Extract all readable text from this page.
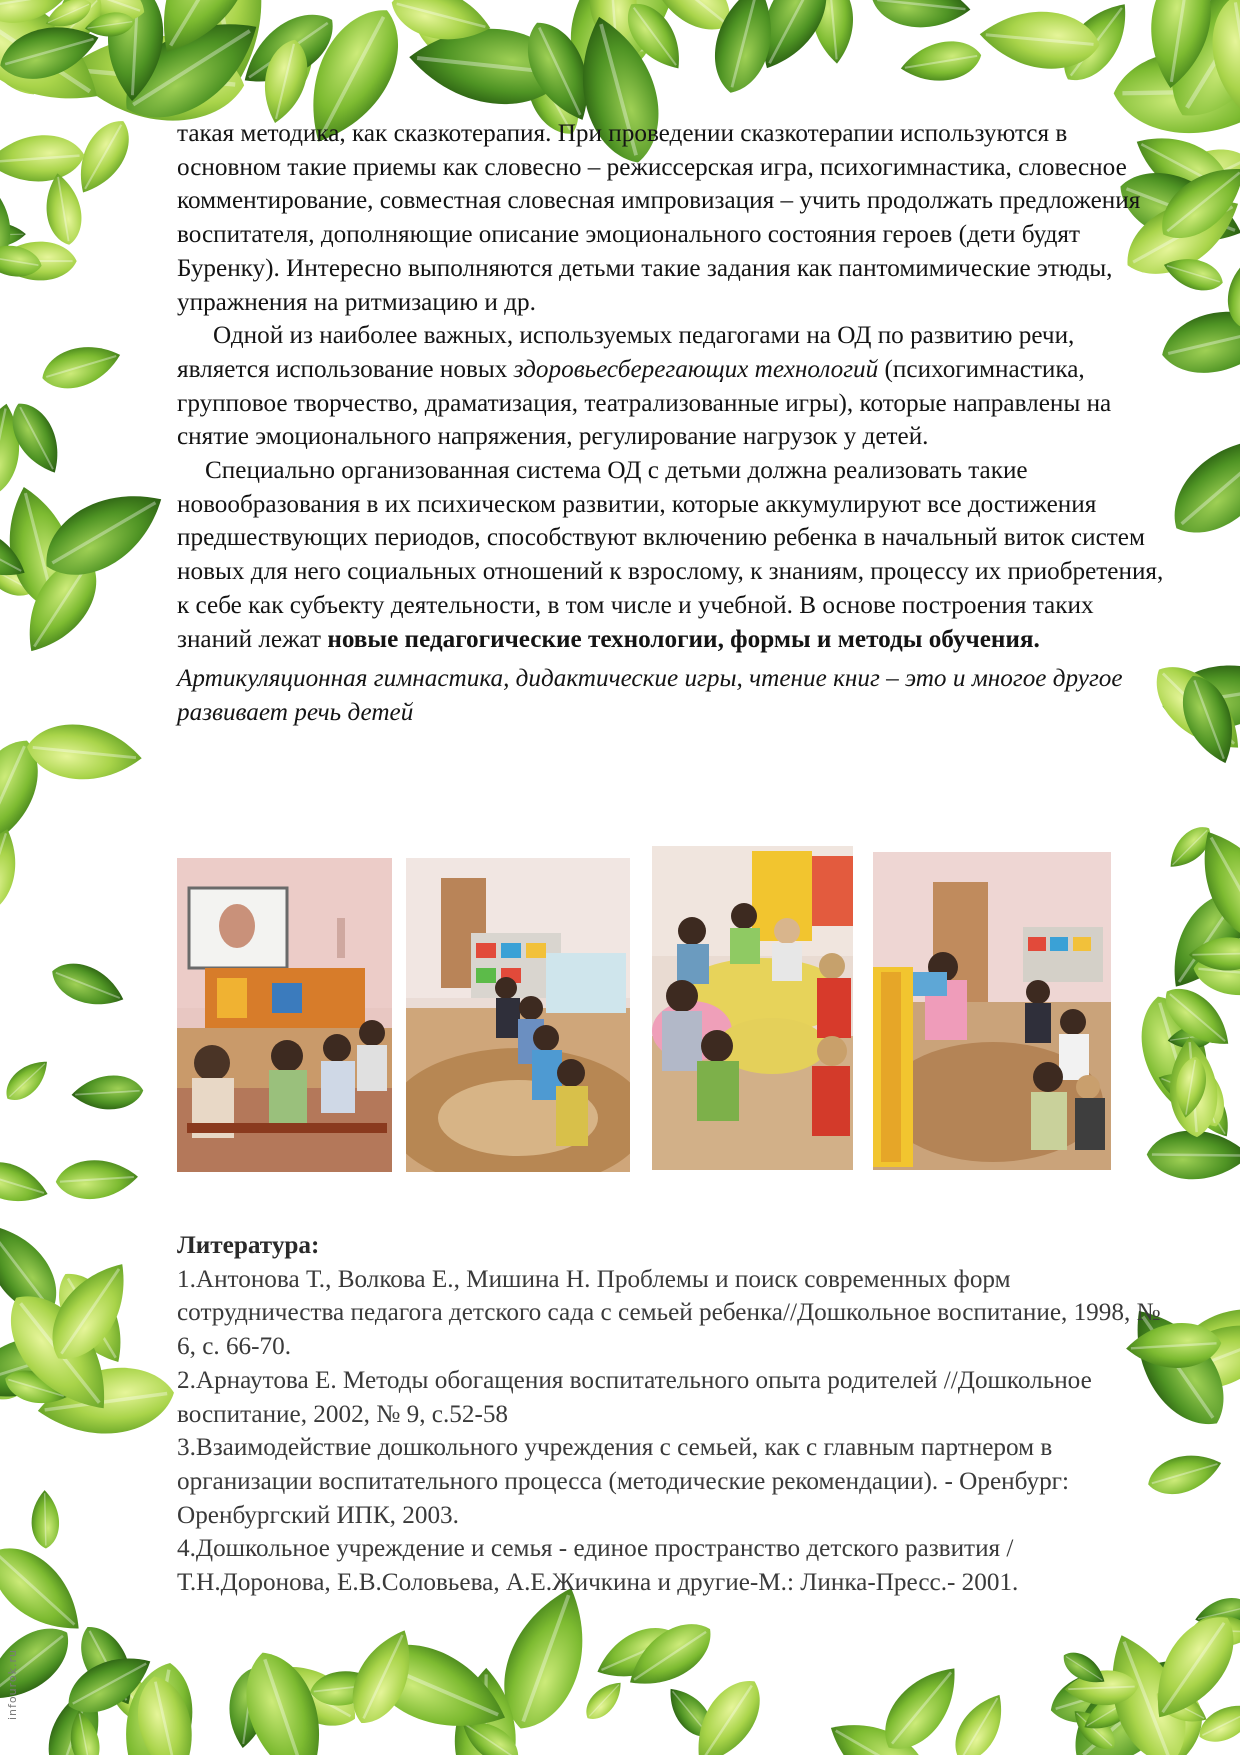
такая методика, как сказкотерапия. При проведении сказкотерапии используются в основном такие приемы как словесно – режиссерская игра, психогимнастика, словесное комментирование, совместная словесная импровизация – учить продолжать предложения воспитателя, дополняющие описание эмоционального состояния героев (дети будят Буренку). Интересно выполняются детьми такие задания как пантомимические этюды, упражнения на ритмизацию и др.

Одной из наиболее важных, используемых педагогами на ОД по развитию речи, является использование новых здоровьесберегающих технологий (психогимнастика, групповое творчество, драматизация, театрализованные игры), которые направлены на снятие эмоционального напряжения, регулирование нагрузок у детей.

Специально организованная система ОД с детьми должна реализовать такие новообразования в их психическом развитии, которые аккумулируют все достижения предшествующих периодов, способствуют включению ребенка в начальный виток систем новых для него социальных отношений к взрослому, к знаниям, процессу их приобретения, к себе как субъекту деятельности, в том числе и учебной. В основе построения таких знаний лежат новые педагогические технологии, формы и методы обучения.

Артикуляционная гимнастика, дидактические игры, чтение книг – это и многое другое развивает речь детей

Литература:

1.Антонова Т., Волкова Е., Мишина Н. Проблемы и поиск современных форм сотрудничества педагога детского сада с семьей ребенка//Дошкольное воспитание, 1998, № 6, с. 66-70.

2.Арнаутова Е. Методы обогащения воспитательного опыта родителей //Дошкольное воспитание, 2002, № 9, с.52-58

3.Взаимодействие дошкольного учреждения с семьей, как с главным партнером в организации воспитательного процесса (методические рекомендации). - Оренбург: Оренбургский ИПК, 2003.

4.Дошкольное учреждение и семья - единое пространство детского развития /Т.Н.Доронова, Е.В.Соловьева, А.Е.Жичкина и другие-М.: Линка-Пресс.- 2001.

infourok.ru
